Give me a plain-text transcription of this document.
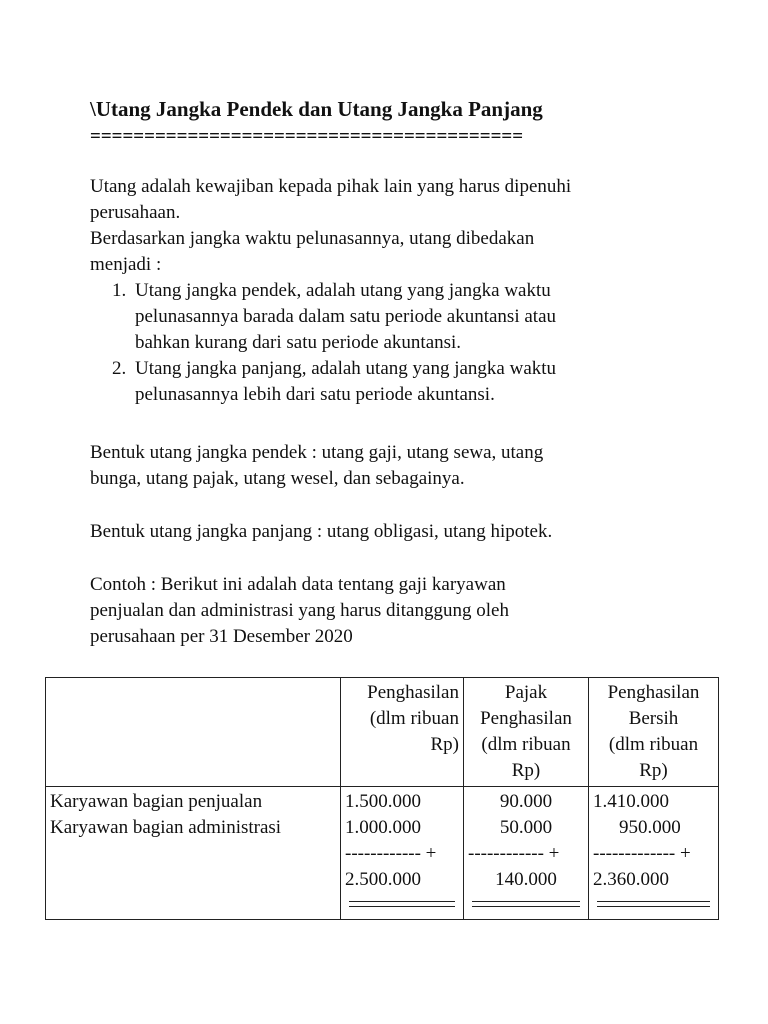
\Utang Jangka Pendek dan Utang Jangka Panjang
========================================

Utang adalah kewajiban kepada pihak lain yang harus dipenuhi

perusahaan.

Berdasarkan jangka waktu pelunasannya, utang dibedakan

menjadi :

1. Utang jangka pendek, adalah utang yang jangka waktu
pelunasannya barada dalam satu periode akuntansi atau
bahkan kurang dari satu periode akuntansi.
2. Utang jangka panjang, adalah utang yang jangka waktu
pelunasannya lebih dari satu periode akuntansi.

Bentuk utang jangka pendek : utang gaji, utang sewa, utang

bunga, utang pajak, utang wesel, dan sebagainya.

Bentuk utang jangka panjang : utang obligasi, utang hipotek.

Contoh : Berikut ini adalah data tentang gaji karyawan

penjualan dan administrasi yang harus ditanggung oleh

perusahaan per 31 Desember 2020

	Penghasilan
(dlm ribuan
Rp)	Pajak
Penghasilan
(dlm ribuan
Rp)	Penghasilan
Bersih
(dlm ribuan
Rp)

Karyawan bagian penjualan
Karyawan bagian administrasi	1.500.000
1.000.000
------------ +
2.500.000	90.000
50.000
------------ +
140.000	1.410.000
950.000
------------- +
2.360.000
